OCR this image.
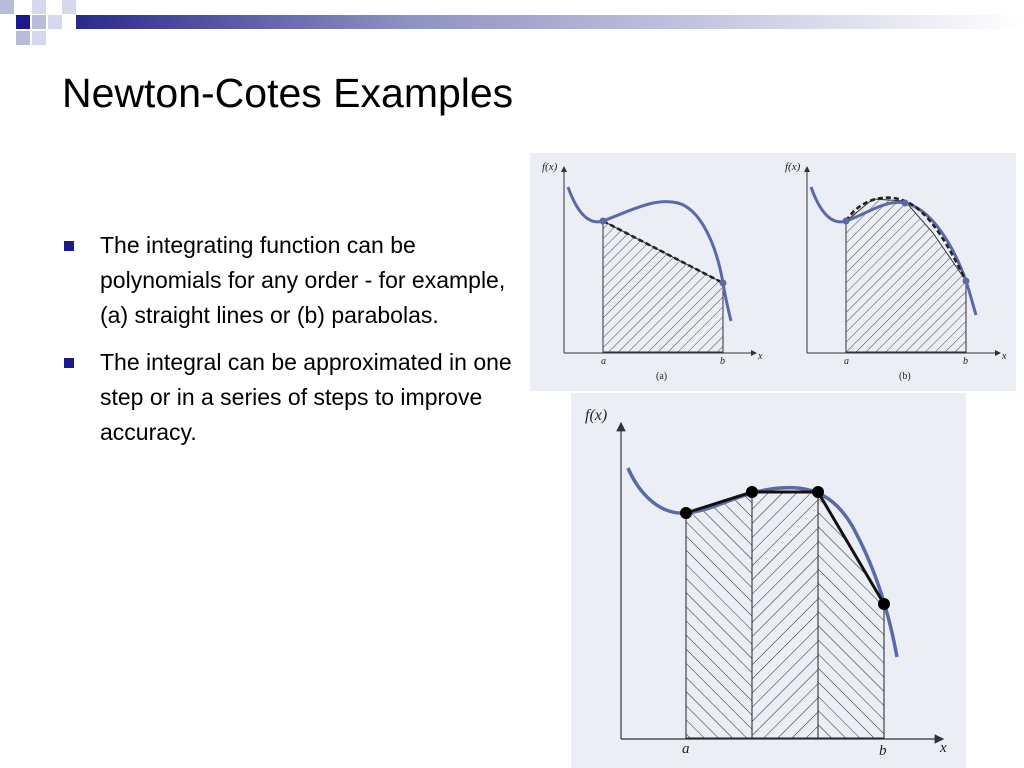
Newton-Cotes Examples
The integrating function can be polynomials for any order - for example, (a) straight lines or (b) parabolas.
The integral can be approximated in one step or in a series of steps to improve accuracy.
f(x)
x
a	b
(a)
f(x)
x
a	b
(b)
f(x)
x
a	b
